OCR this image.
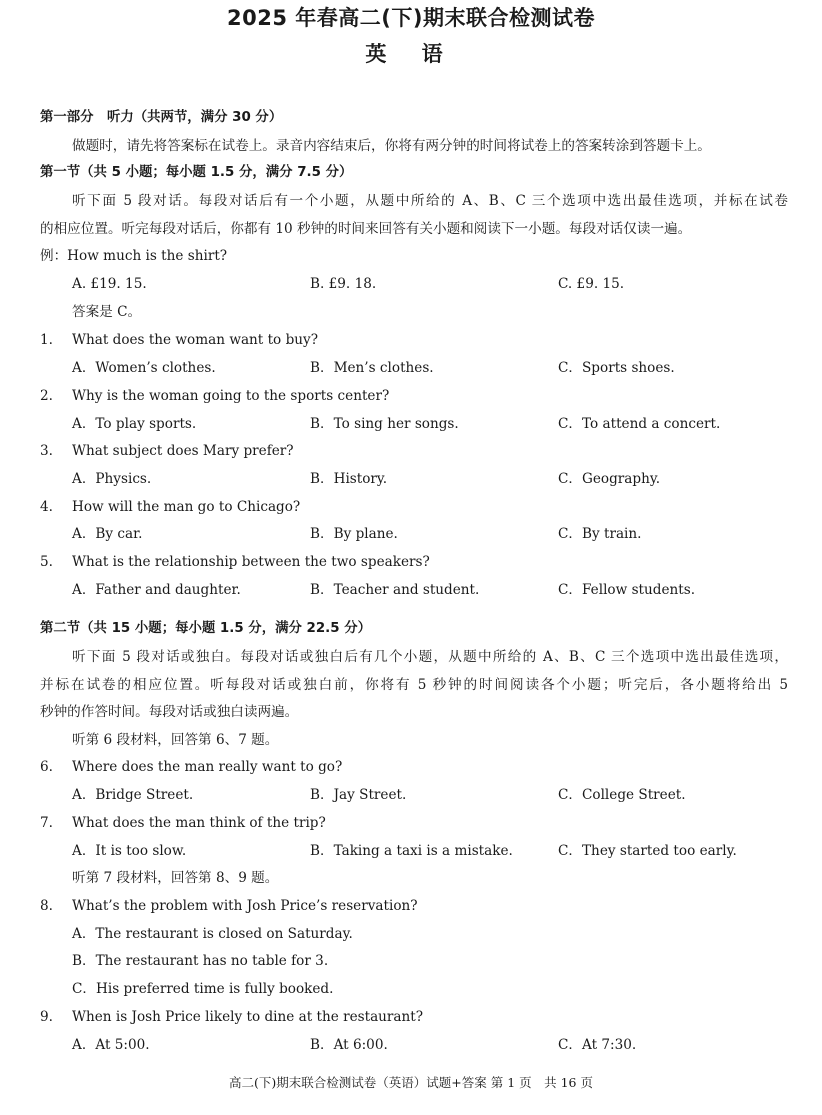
2025 年春高二(下)期末联合检测试卷
英 语
第一部分　听力（共两节，满分 30 分）
做题时，请先将答案标在试卷上。录音内容结束后，你将有两分钟的时间将试卷上的答案转涂到答题卡上。
第一节（共 5 小题；每小题 1.5 分，满分 7.5 分）
听下面 5 段对话。每段对话后有一个小题，从题中所给的 A、B、C 三个选项中选出最佳选项，并标在试卷
的相应位置。听完每段对话后，你都有 10 秒钟的时间来回答有关小题和阅读下一小题。每段对话仅读一遍。
例：How much is the shirt?
A. £19. 15.	B. £9. 18.	C. £9. 15.
答案是 C。
1. What does the woman want to buy?
A．Women’s clothes.	B．Men’s clothes.	C．Sports shoes.
2. Why is the woman going to the sports center?
A．To play sports.	B．To sing her songs.	C．To attend a concert.
3. What subject does Mary prefer?
A．Physics.	B．History.	C．Geography.
4. How will the man go to Chicago?
A．By car.	B．By plane.	C．By train.
5. What is the relationship between the two speakers?
A．Father and daughter.	B．Teacher and student.	C．Fellow students.
第二节（共 15 小题；每小题 1.5 分，满分 22.5 分）
听下面 5 段对话或独白。每段对话或独白后有几个小题，从题中所给的 A、B、C 三个选项中选出最佳选项，
并标在试卷的相应位置。听每段对话或独白前，你将有 5 秒钟的时间阅读各个小题；听完后，各小题将给出 5
秒钟的作答时间。每段对话或独白读两遍。
听第 6 段材料，回答第 6、7 题。
6. Where does the man really want to go?
A．Bridge Street.	B．Jay Street.	C．College Street.
7. What does the man think of the trip?
A．It is too slow.	B．Taking a taxi is a mistake.	C．They started too early.
听第 7 段材料，回答第 8、9 题。
8. What’s the problem with Josh Price’s reservation?
A．The restaurant is closed on Saturday.
B．The restaurant has no table for 3.
C．His preferred time is fully booked.
9. When is Josh Price likely to dine at the restaurant?
A．At 5:00.	B．At 6:00.	C．At 7:30.
高二(下)期末联合检测试卷（英语）试题+答案 第 1 页　共 16 页
